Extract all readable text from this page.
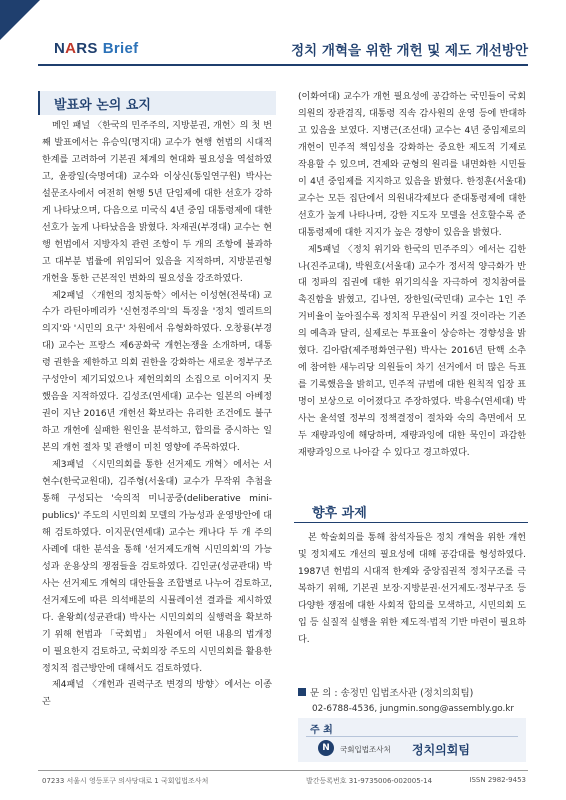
NARS Brief	정치 개혁을 위한 개헌 및 제도 개선방안
발표와 논의 요지

메인 패널 〈한국의 민주주의, 지방분권, 개헌〉의 첫 번째 발표에서는 유승익(명지대) 교수가 현행 헌법의 시대적 한계를 고려하여 기본권 체계의 현대화 필요성을 역설하였고, 윤광일(숙명여대) 교수와 이상신(통일연구원) 박사는 설문조사에서 여전히 현행 5년 단임제에 대한 선호가 강하게 나타났으며, 다음으로 미국식 4년 중임 대통령제에 대한 선호가 높게 나타났음을 밝혔다. 차재권(부경대) 교수는 현행 헌법에서 지방자치 관련 조항이 두 개의 조항에 불과하고 대부분 법률에 위임되어 있음을 지적하며, 지방분권형 개헌을 통한 근본적인 변화의 필요성을 강조하였다.

제2패널 〈개헌의 정치동학〉에서는 이성현(전북대) 교수가 라틴아메리카 '신헌정주의'의 특징을 '정치 엘리트의 의지'와 '시민의 요구' 차원에서 유형화하였다. 오창룡(부경대) 교수는 프랑스 제6공화국 개헌논쟁을 소개하며, 대통령 권한을 제한하고 의회 권한을 강화하는 새로운 정부구조 구성안이 제기되었으나 제헌의회의 소집으로 이어지지 못했음을 지적하였다. 김성조(연세대) 교수는 일본의 아베정권이 지난 2016년 개헌선 확보라는 유리한 조건에도 불구하고 개헌에 실패한 원인을 분석하고, 합의를 중시하는 일본의 개헌 절차 및 관행이 미친 영향에 주목하였다.

제3패널 〈시민의회를 통한 선거제도 개혁〉에서는 서현수(한국교원대), 김주형(서울대) 교수가 무작위 추첨을 통해 구성되는 '숙의적 미니공중(deliberative mini-publics)' 주도의 시민의회 모델의 가능성과 운영방안에 대해 검토하였다. 이지문(연세대) 교수는 캐나다 두 개 주의 사례에 대한 분석을 통해 '선거제도개혁 시민의회'의 가능성과 운용상의 쟁점들을 검토하였다. 김인균(성균관대) 박사는 선거제도 개혁의 대안들을 조합별로 나누어 검토하고, 선거제도에 따른 의석배분의 시뮬레이션 결과를 제시하였다. 윤왕희(성균관대) 박사는 시민의회의 실행력을 확보하기 위해 헌법과 「국회법」 차원에서 어떤 내용의 법개정이 필요한지 검토하고, 국회의장 주도의 시민의회를 활용한 정치적 접근방안에 대해서도 검토하였다.

제4패널 〈개헌과 권력구조 변경의 방향〉에서는 이종곤

(이화여대) 교수가 개헌 필요성에 공감하는 국민들이 국회의원의 장관겸직, 대통령 직속 감사원의 운영 등에 반대하고 있음을 보였다. 지병근(조선대) 교수는 4년 중임제로의 개헌이 민주적 책임성을 강화하는 중요한 제도적 기제로 작용할 수 있으며, 견제와 균형의 원리를 내면화한 시민들이 4년 중임제를 지지하고 있음을 밝혔다. 한정훈(서울대) 교수는 모든 집단에서 의원내각제보다 준대통령제에 대한 선호가 높게 나타나며, 강한 지도자 모델을 선호할수록 준대통령제에 대한 지지가 높은 경향이 있음을 밝혔다.

제5패널 〈정치 위기와 한국의 민주주의〉에서는 김한나(진주교대), 박원호(서울대) 교수가 정서적 양극화가 반대 정파의 집권에 대한 위기의식을 자극하여 정치참여를 촉진함을 밝혔고, 김나연, 장한일(국민대) 교수는 1인 주거비율이 높아질수록 정치적 무관심이 커질 것이라는 기존의 예측과 달리, 실제로는 투표율이 상승하는 경향성을 밝혔다. 김아람(제주평화연구원) 박사는 2016년 탄핵 소추에 참여한 새누리당 의원들이 차기 선거에서 더 많은 득표를 기록했음을 밝히고, 민주적 규범에 대한 원칙적 입장 표명이 보상으로 이어졌다고 주장하였다. 박용수(연세대) 박사는 윤석열 정부의 정책결정이 절차와 숙의 측면에서 모두 재량과잉에 해당하며, 재량과잉에 대한 묵인이 과감한 재량과잉으로 나아갈 수 있다고 경고하였다.

향후 과제

본 학술회의를 통해 참석자들은 정치 개혁을 위한 개헌 및 정치제도 개선의 필요성에 대해 공감대를 형성하였다. 1987년 헌법의 시대적 한계와 중앙집권적 정치구조를 극복하기 위해, 기본권 보장·지방분권·선거제도·정부구조 등 다양한 쟁점에 대한 사회적 합의를 모색하고, 시민의회 도입 등 실질적 실행을 위한 제도적·법적 기반 마련이 필요하다.

문 의 : 송정민 입법조사관 (정치의회팀)
02-6788-4536, jungmin.song@assembly.go.kr
주 최
N	국회입법조사처 정치의회팀
07233 서울시 영등포구 의사당대로 1 국회입법조사처	발간등록번호 31-9735006-002005-14	ISSN 2982-9453
